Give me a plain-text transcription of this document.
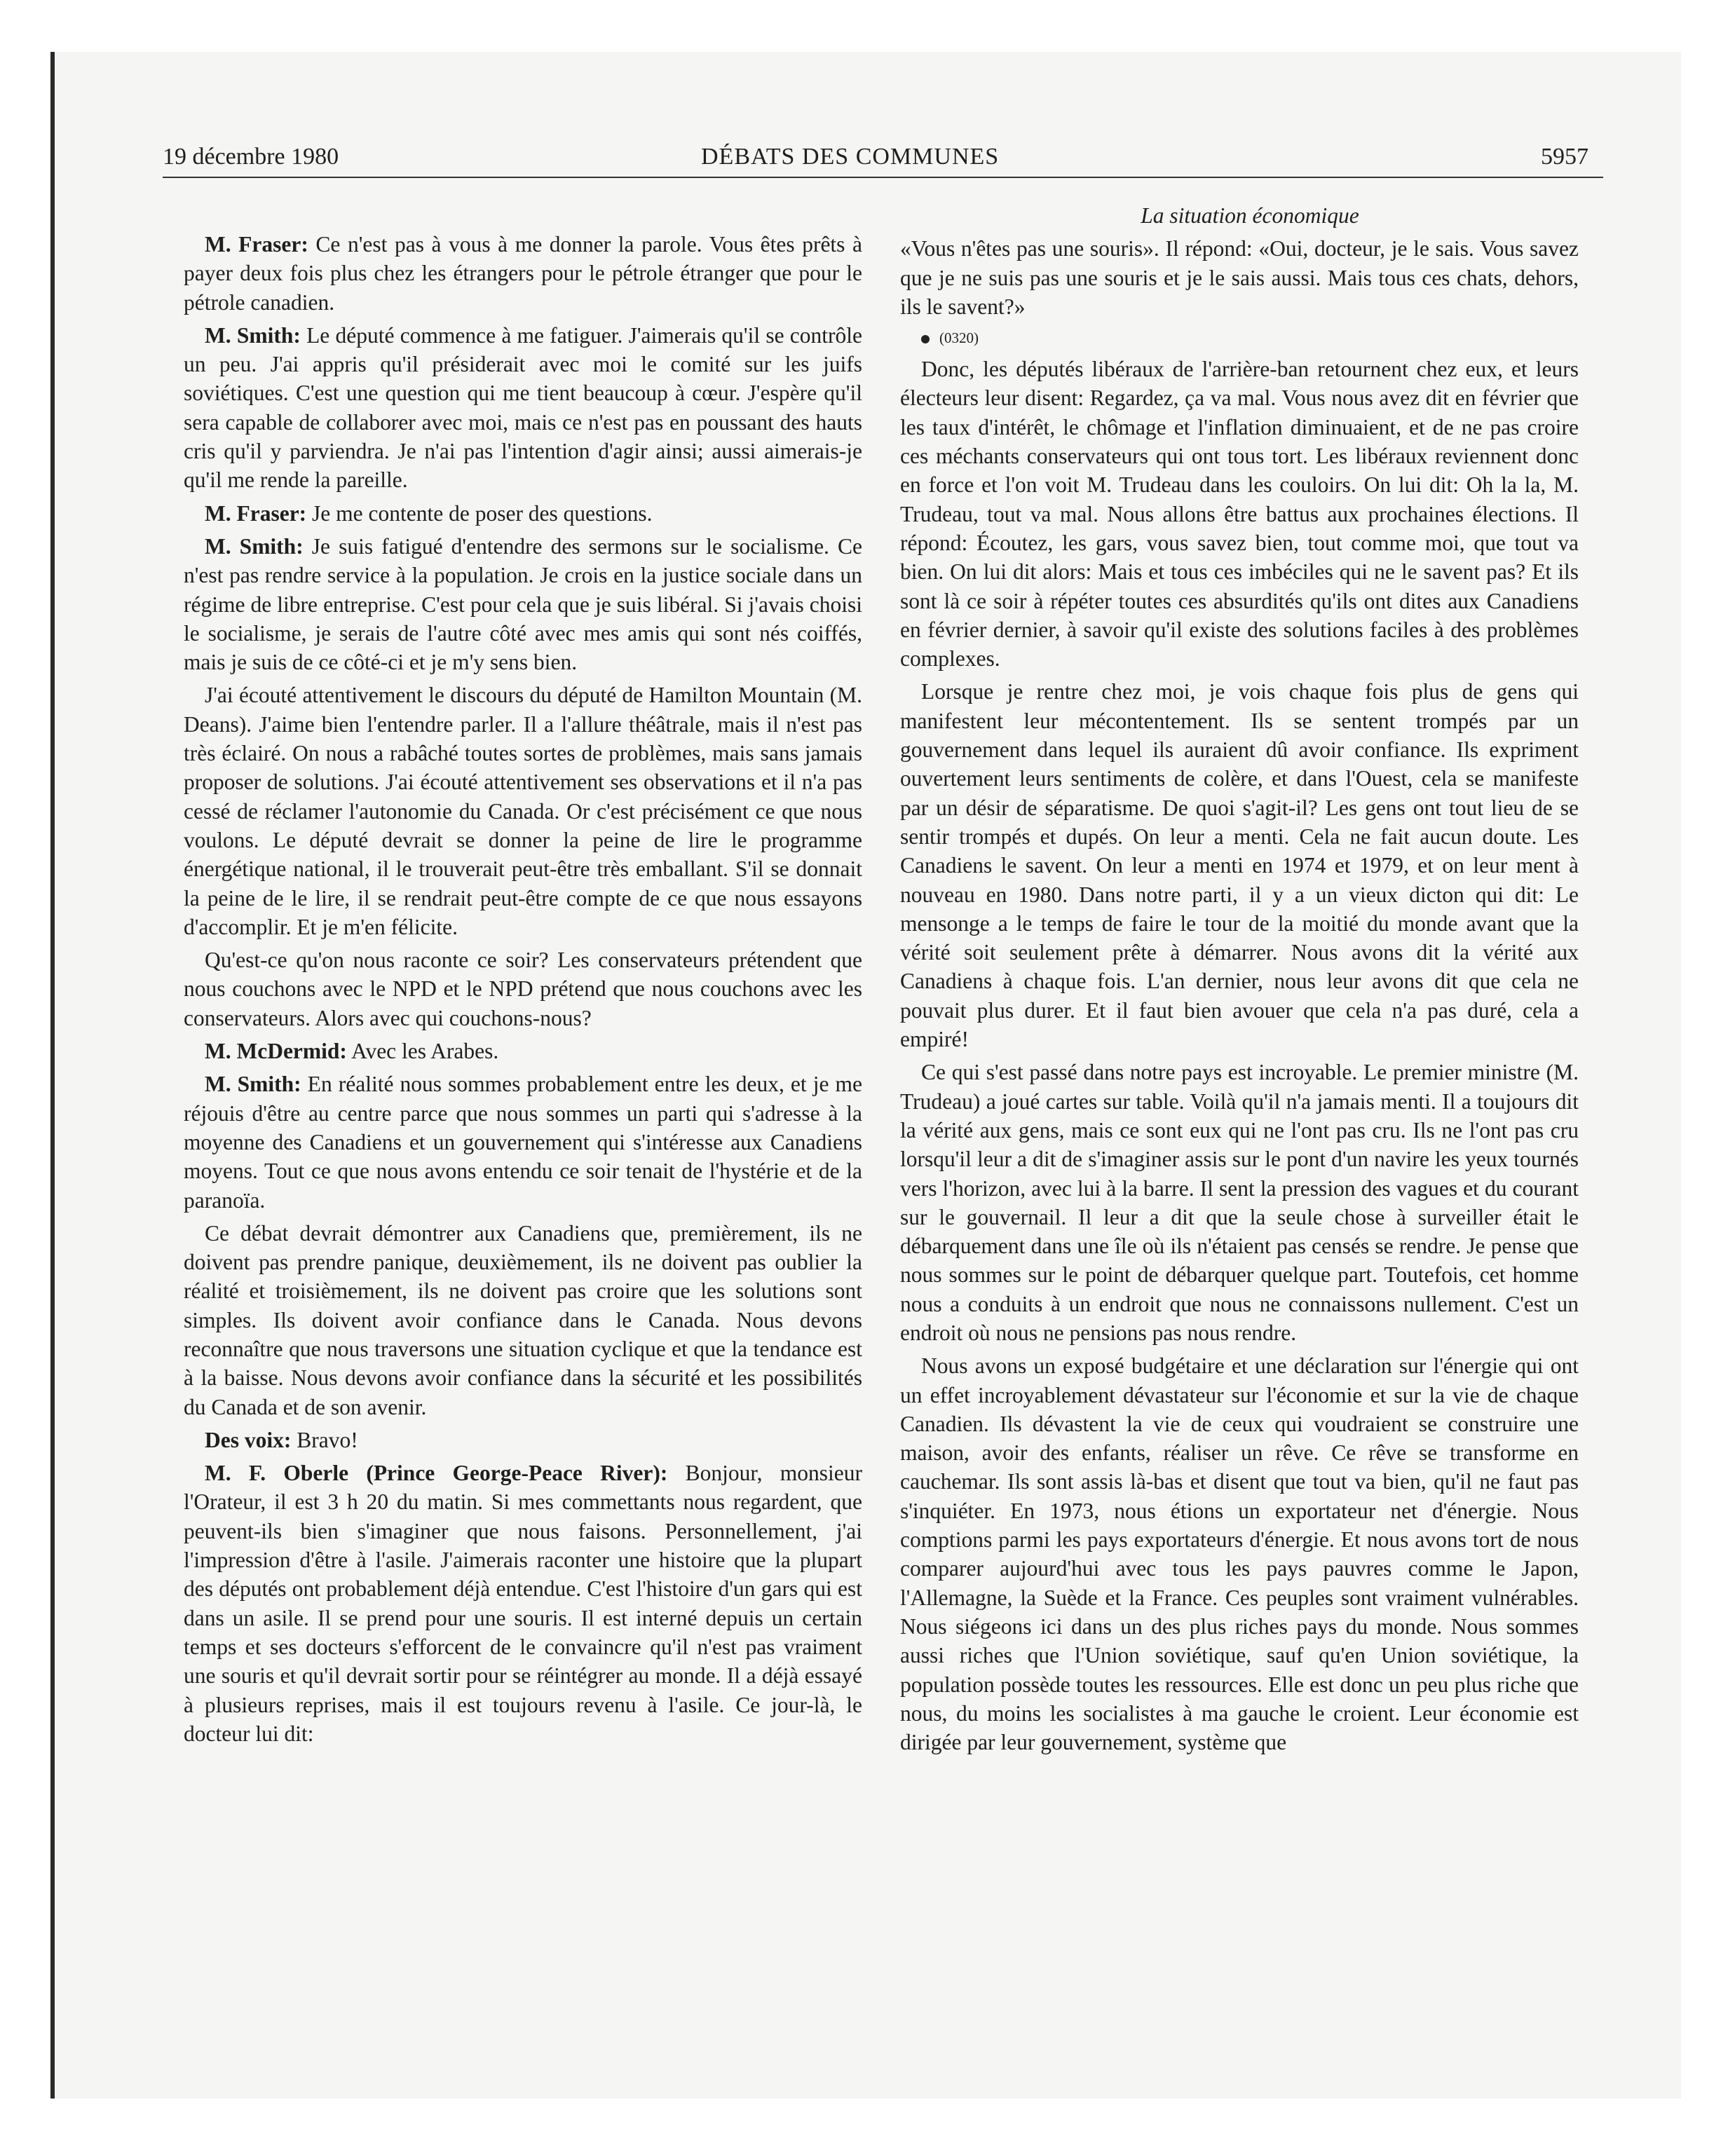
19 décembre 1980	DÉBATS DES COMMUNES	5957

M. Fraser: Ce n'est pas à vous à me donner la parole. Vous êtes prêts à payer deux fois plus chez les étrangers pour le pétrole étranger que pour le pétrole canadien.

M. Smith: Le député commence à me fatiguer. J'aimerais qu'il se contrôle un peu. J'ai appris qu'il présiderait avec moi le comité sur les juifs soviétiques. C'est une question qui me tient beaucoup à cœur. J'espère qu'il sera capable de collaborer avec moi, mais ce n'est pas en poussant des hauts cris qu'il y parviendra. Je n'ai pas l'intention d'agir ainsi; aussi aimerais-je qu'il me rende la pareille.

M. Fraser: Je me contente de poser des questions.

M. Smith: Je suis fatigué d'entendre des sermons sur le socialisme. Ce n'est pas rendre service à la population. Je crois en la justice sociale dans un régime de libre entreprise. C'est pour cela que je suis libéral. Si j'avais choisi le socialisme, je serais de l'autre côté avec mes amis qui sont nés coiffés, mais je suis de ce côté-ci et je m'y sens bien.

J'ai écouté attentivement le discours du député de Hamilton Mountain (M. Deans). J'aime bien l'entendre parler. Il a l'allure théâtrale, mais il n'est pas très éclairé. On nous a rabâché toutes sortes de problèmes, mais sans jamais proposer de solutions. J'ai écouté attentivement ses observations et il n'a pas cessé de réclamer l'autonomie du Canada. Or c'est précisément ce que nous voulons. Le député devrait se donner la peine de lire le programme énergétique national, il le trouverait peut-être très emballant. S'il se donnait la peine de le lire, il se rendrait peut-être compte de ce que nous essayons d'accomplir. Et je m'en félicite.

Qu'est-ce qu'on nous raconte ce soir? Les conservateurs prétendent que nous couchons avec le NPD et le NPD prétend que nous couchons avec les conservateurs. Alors avec qui couchons-nous?

M. McDermid: Avec les Arabes.

M. Smith: En réalité nous sommes probablement entre les deux, et je me réjouis d'être au centre parce que nous sommes un parti qui s'adresse à la moyenne des Canadiens et un gouvernement qui s'intéresse aux Canadiens moyens. Tout ce que nous avons entendu ce soir tenait de l'hystérie et de la paranoïa.

Ce débat devrait démontrer aux Canadiens que, premièrement, ils ne doivent pas prendre panique, deuxièmement, ils ne doivent pas oublier la réalité et troisièmement, ils ne doivent pas croire que les solutions sont simples. Ils doivent avoir confiance dans le Canada. Nous devons reconnaître que nous traversons une situation cyclique et que la tendance est à la baisse. Nous devons avoir confiance dans la sécurité et les possibilités du Canada et de son avenir.

Des voix: Bravo!

M. F. Oberle (Prince George-Peace River): Bonjour, monsieur l'Orateur, il est 3 h 20 du matin. Si mes commettants nous regardent, que peuvent-ils bien s'imaginer que nous faisons. Personnellement, j'ai l'impression d'être à l'asile. J'aimerais raconter une histoire que la plupart des députés ont probablement déjà entendue. C'est l'histoire d'un gars qui est dans un asile. Il se prend pour une souris. Il est interné depuis un certain temps et ses docteurs s'efforcent de le convaincre qu'il n'est pas vraiment une souris et qu'il devrait sortir pour se réintégrer au monde. Il a déjà essayé à plusieurs reprises, mais il est toujours revenu à l'asile. Ce jour-là, le docteur lui dit:

La situation économique

«Vous n'êtes pas une souris». Il répond: «Oui, docteur, je le sais. Vous savez que je ne suis pas une souris et je le sais aussi. Mais tous ces chats, dehors, ils le savent?»

(0320)

Donc, les députés libéraux de l'arrière-ban retournent chez eux, et leurs électeurs leur disent: Regardez, ça va mal. Vous nous avez dit en février que les taux d'intérêt, le chômage et l'inflation diminuaient, et de ne pas croire ces méchants conservateurs qui ont tous tort. Les libéraux reviennent donc en force et l'on voit M. Trudeau dans les couloirs. On lui dit: Oh la la, M. Trudeau, tout va mal. Nous allons être battus aux prochaines élections. Il répond: Écoutez, les gars, vous savez bien, tout comme moi, que tout va bien. On lui dit alors: Mais et tous ces imbéciles qui ne le savent pas? Et ils sont là ce soir à répéter toutes ces absurdités qu'ils ont dites aux Canadiens en février dernier, à savoir qu'il existe des solutions faciles à des problèmes complexes.

Lorsque je rentre chez moi, je vois chaque fois plus de gens qui manifestent leur mécontentement. Ils se sentent trompés par un gouvernement dans lequel ils auraient dû avoir confiance. Ils expriment ouvertement leurs sentiments de colère, et dans l'Ouest, cela se manifeste par un désir de séparatisme. De quoi s'agit-il? Les gens ont tout lieu de se sentir trompés et dupés. On leur a menti. Cela ne fait aucun doute. Les Canadiens le savent. On leur a menti en 1974 et 1979, et on leur ment à nouveau en 1980. Dans notre parti, il y a un vieux dicton qui dit: Le mensonge a le temps de faire le tour de la moitié du monde avant que la vérité soit seulement prête à démarrer. Nous avons dit la vérité aux Canadiens à chaque fois. L'an dernier, nous leur avons dit que cela ne pouvait plus durer. Et il faut bien avouer que cela n'a pas duré, cela a empiré!

Ce qui s'est passé dans notre pays est incroyable. Le premier ministre (M. Trudeau) a joué cartes sur table. Voilà qu'il n'a jamais menti. Il a toujours dit la vérité aux gens, mais ce sont eux qui ne l'ont pas cru. Ils ne l'ont pas cru lorsqu'il leur a dit de s'imaginer assis sur le pont d'un navire les yeux tournés vers l'horizon, avec lui à la barre. Il sent la pression des vagues et du courant sur le gouvernail. Il leur a dit que la seule chose à surveiller était le débarquement dans une île où ils n'étaient pas censés se rendre. Je pense que nous sommes sur le point de débarquer quelque part. Toutefois, cet homme nous a conduits à un endroit que nous ne connaissons nullement. C'est un endroit où nous ne pensions pas nous rendre.

Nous avons un exposé budgétaire et une déclaration sur l'énergie qui ont un effet incroyablement dévastateur sur l'économie et sur la vie de chaque Canadien. Ils dévastent la vie de ceux qui voudraient se construire une maison, avoir des enfants, réaliser un rêve. Ce rêve se transforme en cauchemar. Ils sont assis là-bas et disent que tout va bien, qu'il ne faut pas s'inquiéter. En 1973, nous étions un exportateur net d'énergie. Nous comptions parmi les pays exportateurs d'énergie. Et nous avons tort de nous comparer aujourd'hui avec tous les pays pauvres comme le Japon, l'Allemagne, la Suède et la France. Ces peuples sont vraiment vulnérables. Nous siégeons ici dans un des plus riches pays du monde. Nous sommes aussi riches que l'Union soviétique, sauf qu'en Union soviétique, la population possède toutes les ressources. Elle est donc un peu plus riche que nous, du moins les socialistes à ma gauche le croient. Leur économie est dirigée par leur gouvernement, système que
